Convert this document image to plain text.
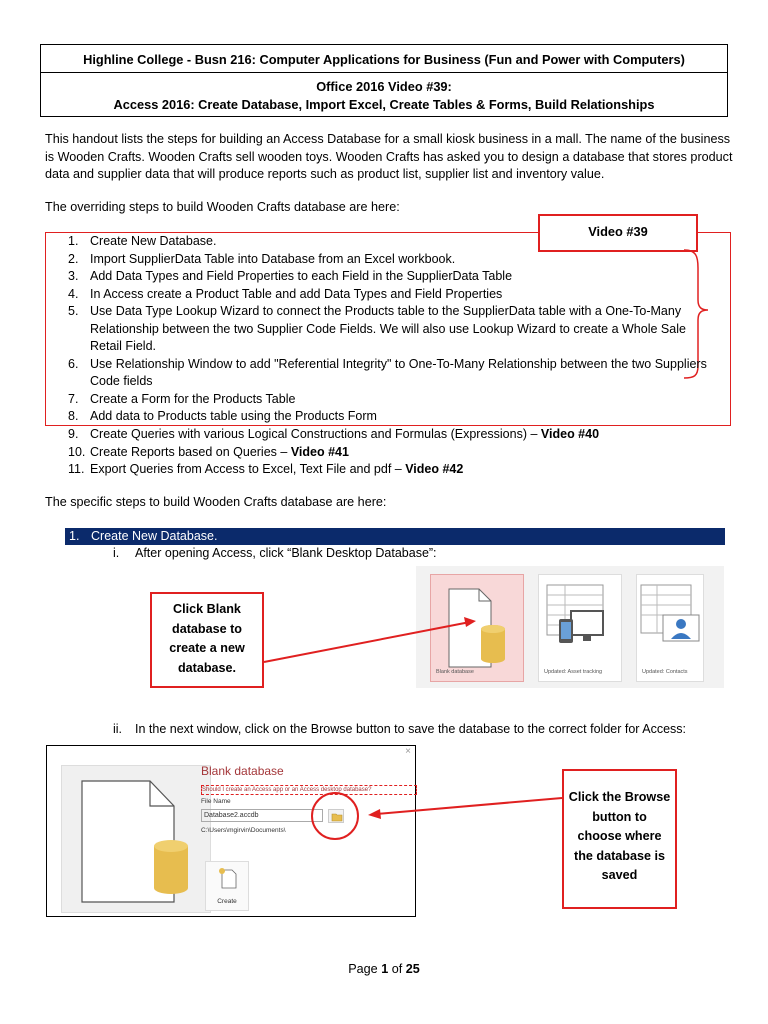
Highline College - Busn 216: Computer Applications for Business (Fun and Power with Computers)
Office 2016 Video #39:
Access 2016: Create Database, Import Excel, Create Tables & Forms, Build Relationships
This handout lists the steps for building an Access Database for a small kiosk business in a mall. The name of the business is Wooden Crafts. Wooden Crafts sell wooden toys. Wooden Crafts has asked you to design a database that stores product data and supplier data that will produce reports such as product list, supplier list and inventory value.
The overriding steps to build Wooden Crafts database are here:
Video #39
1. Create New Database.
2. Import SupplierData Table into Database from an Excel workbook.
3. Add Data Types and Field Properties to each Field in the SupplierData Table
4. In Access create a Product Table and add Data Types and Field Properties
5. Use Data Type Lookup Wizard to connect the Products table to the SupplierData table with a One-To-Many Relationship between the two Supplier Code Fields. We will also use Lookup Wizard to create a Whole Sale Retail Field.
6. Use Relationship Window to add "Referential Integrity" to One-To-Many Relationship between the two Suppliers Code fields
7. Create a Form for the Products Table
8. Add data to Products table using the Products Form
9. Create Queries with various Logical Constructions and Formulas (Expressions) – Video #40
10. Create Reports based on Queries – Video #41
11. Export Queries from Access to Excel, Text File and pdf – Video #42
The specific steps to build Wooden Crafts database are here:
1. Create New Database.
i. After opening Access, click “Blank Desktop Database”:
Click Blank
database to
create a new
database.	Blank database	Updated: Asset tracking	Updated: Contacts
ii. In the next window, click on the Browse button to save the database to the correct folder for Access:
×
Blank database
Should I create an Access app or an Access desktop database?
File Name
Database2.accdb
C:\Users\mgirvin\Documents\
Create
Click the Browse
button to
choose where
the database is
saved
Page 1 of 25
